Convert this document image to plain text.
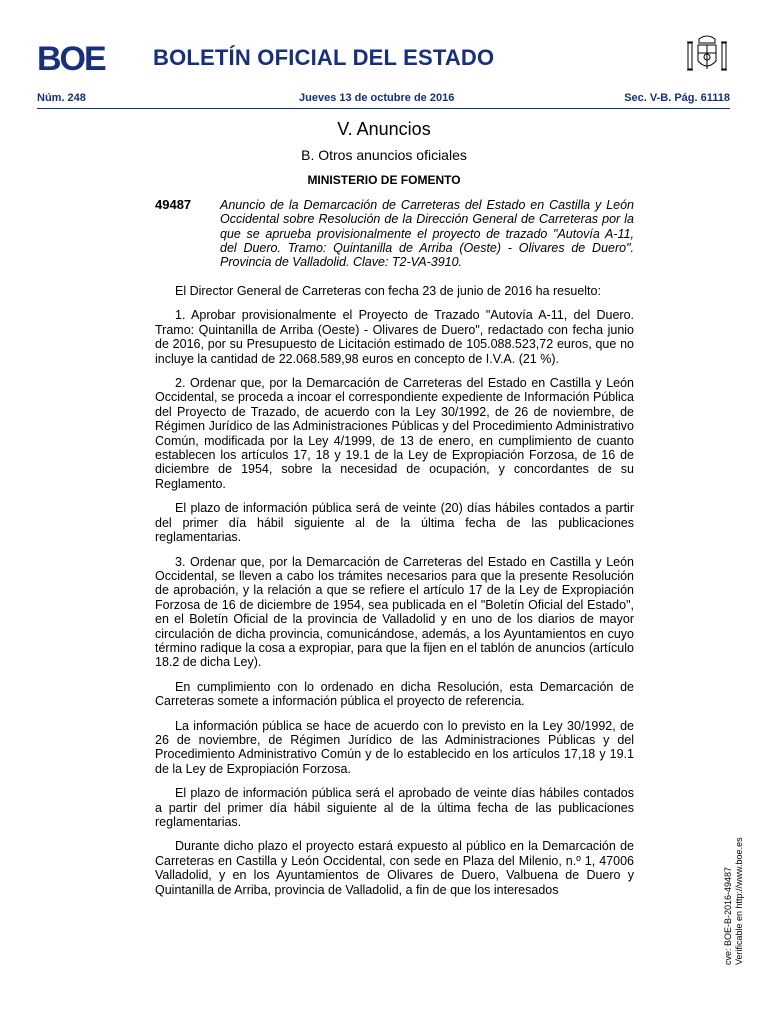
BOE BOLETÍN OFICIAL DEL ESTADO
Núm. 248	Jueves 13 de octubre de 2016	Sec. V-B. Pág. 61118
V. Anuncios
B. Otros anuncios oficiales
MINISTERIO DE FOMENTO
49487 Anuncio de la Demarcación de Carreteras del Estado en Castilla y León Occidental sobre Resolución de la Dirección General de Carreteras por la que se aprueba provisionalmente el proyecto de trazado "Autovía A-11, del Duero. Tramo: Quintanilla de Arriba (Oeste) - Olivares de Duero". Provincia de Valladolid. Clave: T2-VA-3910.

El Director General de Carreteras con fecha 23 de junio de 2016 ha resuelto:

1. Aprobar provisionalmente el Proyecto de Trazado "Autovía A-11, del Duero. Tramo: Quintanilla de Arriba (Oeste) - Olivares de Duero", redactado con fecha junio de 2016, por su Presupuesto de Licitación estimado de 105.088.523,72 euros, que no incluye la cantidad de 22.068.589,98 euros en concepto de I.V.A. (21 %).

2. Ordenar que, por la Demarcación de Carreteras del Estado en Castilla y León Occidental, se proceda a incoar el correspondiente expediente de Información Pública del Proyecto de Trazado, de acuerdo con la Ley 30/1992, de 26 de noviembre, de Régimen Jurídico de las Administraciones Públicas y del Procedimiento Administrativo Común, modificada por la Ley 4/1999, de 13 de enero, en cumplimiento de cuanto establecen los artículos 17, 18 y 19.1 de la Ley de Expropiación Forzosa, de 16 de diciembre de 1954, sobre la necesidad de ocupación, y concordantes de su Reglamento.

El plazo de información pública será de veinte (20) días hábiles contados a partir del primer día hábil siguiente al de la última fecha de las publicaciones reglamentarias.

3. Ordenar que, por la Demarcación de Carreteras del Estado en Castilla y León Occidental, se lleven a cabo los trámites necesarios para que la presente Resolución de aprobación, y la relación a que se refiere el artículo 17 de la Ley de Expropiación Forzosa de 16 de diciembre de 1954, sea publicada en el "Boletín Oficial del Estado", en el Boletín Oficial de la provincia de Valladolid y en uno de los diarios de mayor circulación de dicha provincia, comunicándose, además, a los Ayuntamientos en cuyo término radique la cosa a expropiar, para que la fijen en el tablón de anuncios (artículo 18.2 de dicha Ley).

En cumplimiento con lo ordenado en dicha Resolución, esta Demarcación de Carreteras somete a información pública el proyecto de referencia.

La información pública se hace de acuerdo con lo previsto en la Ley 30/1992, de 26 de noviembre, de Régimen Jurídico de las Administraciones Públicas y del Procedimiento Administrativo Común y de lo establecido en los artículos 17,18 y 19.1 de la Ley de Expropiación Forzosa.

El plazo de información pública será el aprobado de veinte días hábiles contados a partir del primer día hábil siguiente al de la última fecha de las publicaciones reglamentarias.

Durante dicho plazo el proyecto estará expuesto al público en la Demarcación de Carreteras en Castilla y León Occidental, con sede en Plaza del Milenio, n.º 1, 47006 Valladolid, y en los Ayuntamientos de Olivares de Duero, Valbuena de Duero y Quintanilla de Arriba, provincia de Valladolid, a fin de que los interesados	cve: BOE-B-2016-49487 Verificable en http://www.boe.es
